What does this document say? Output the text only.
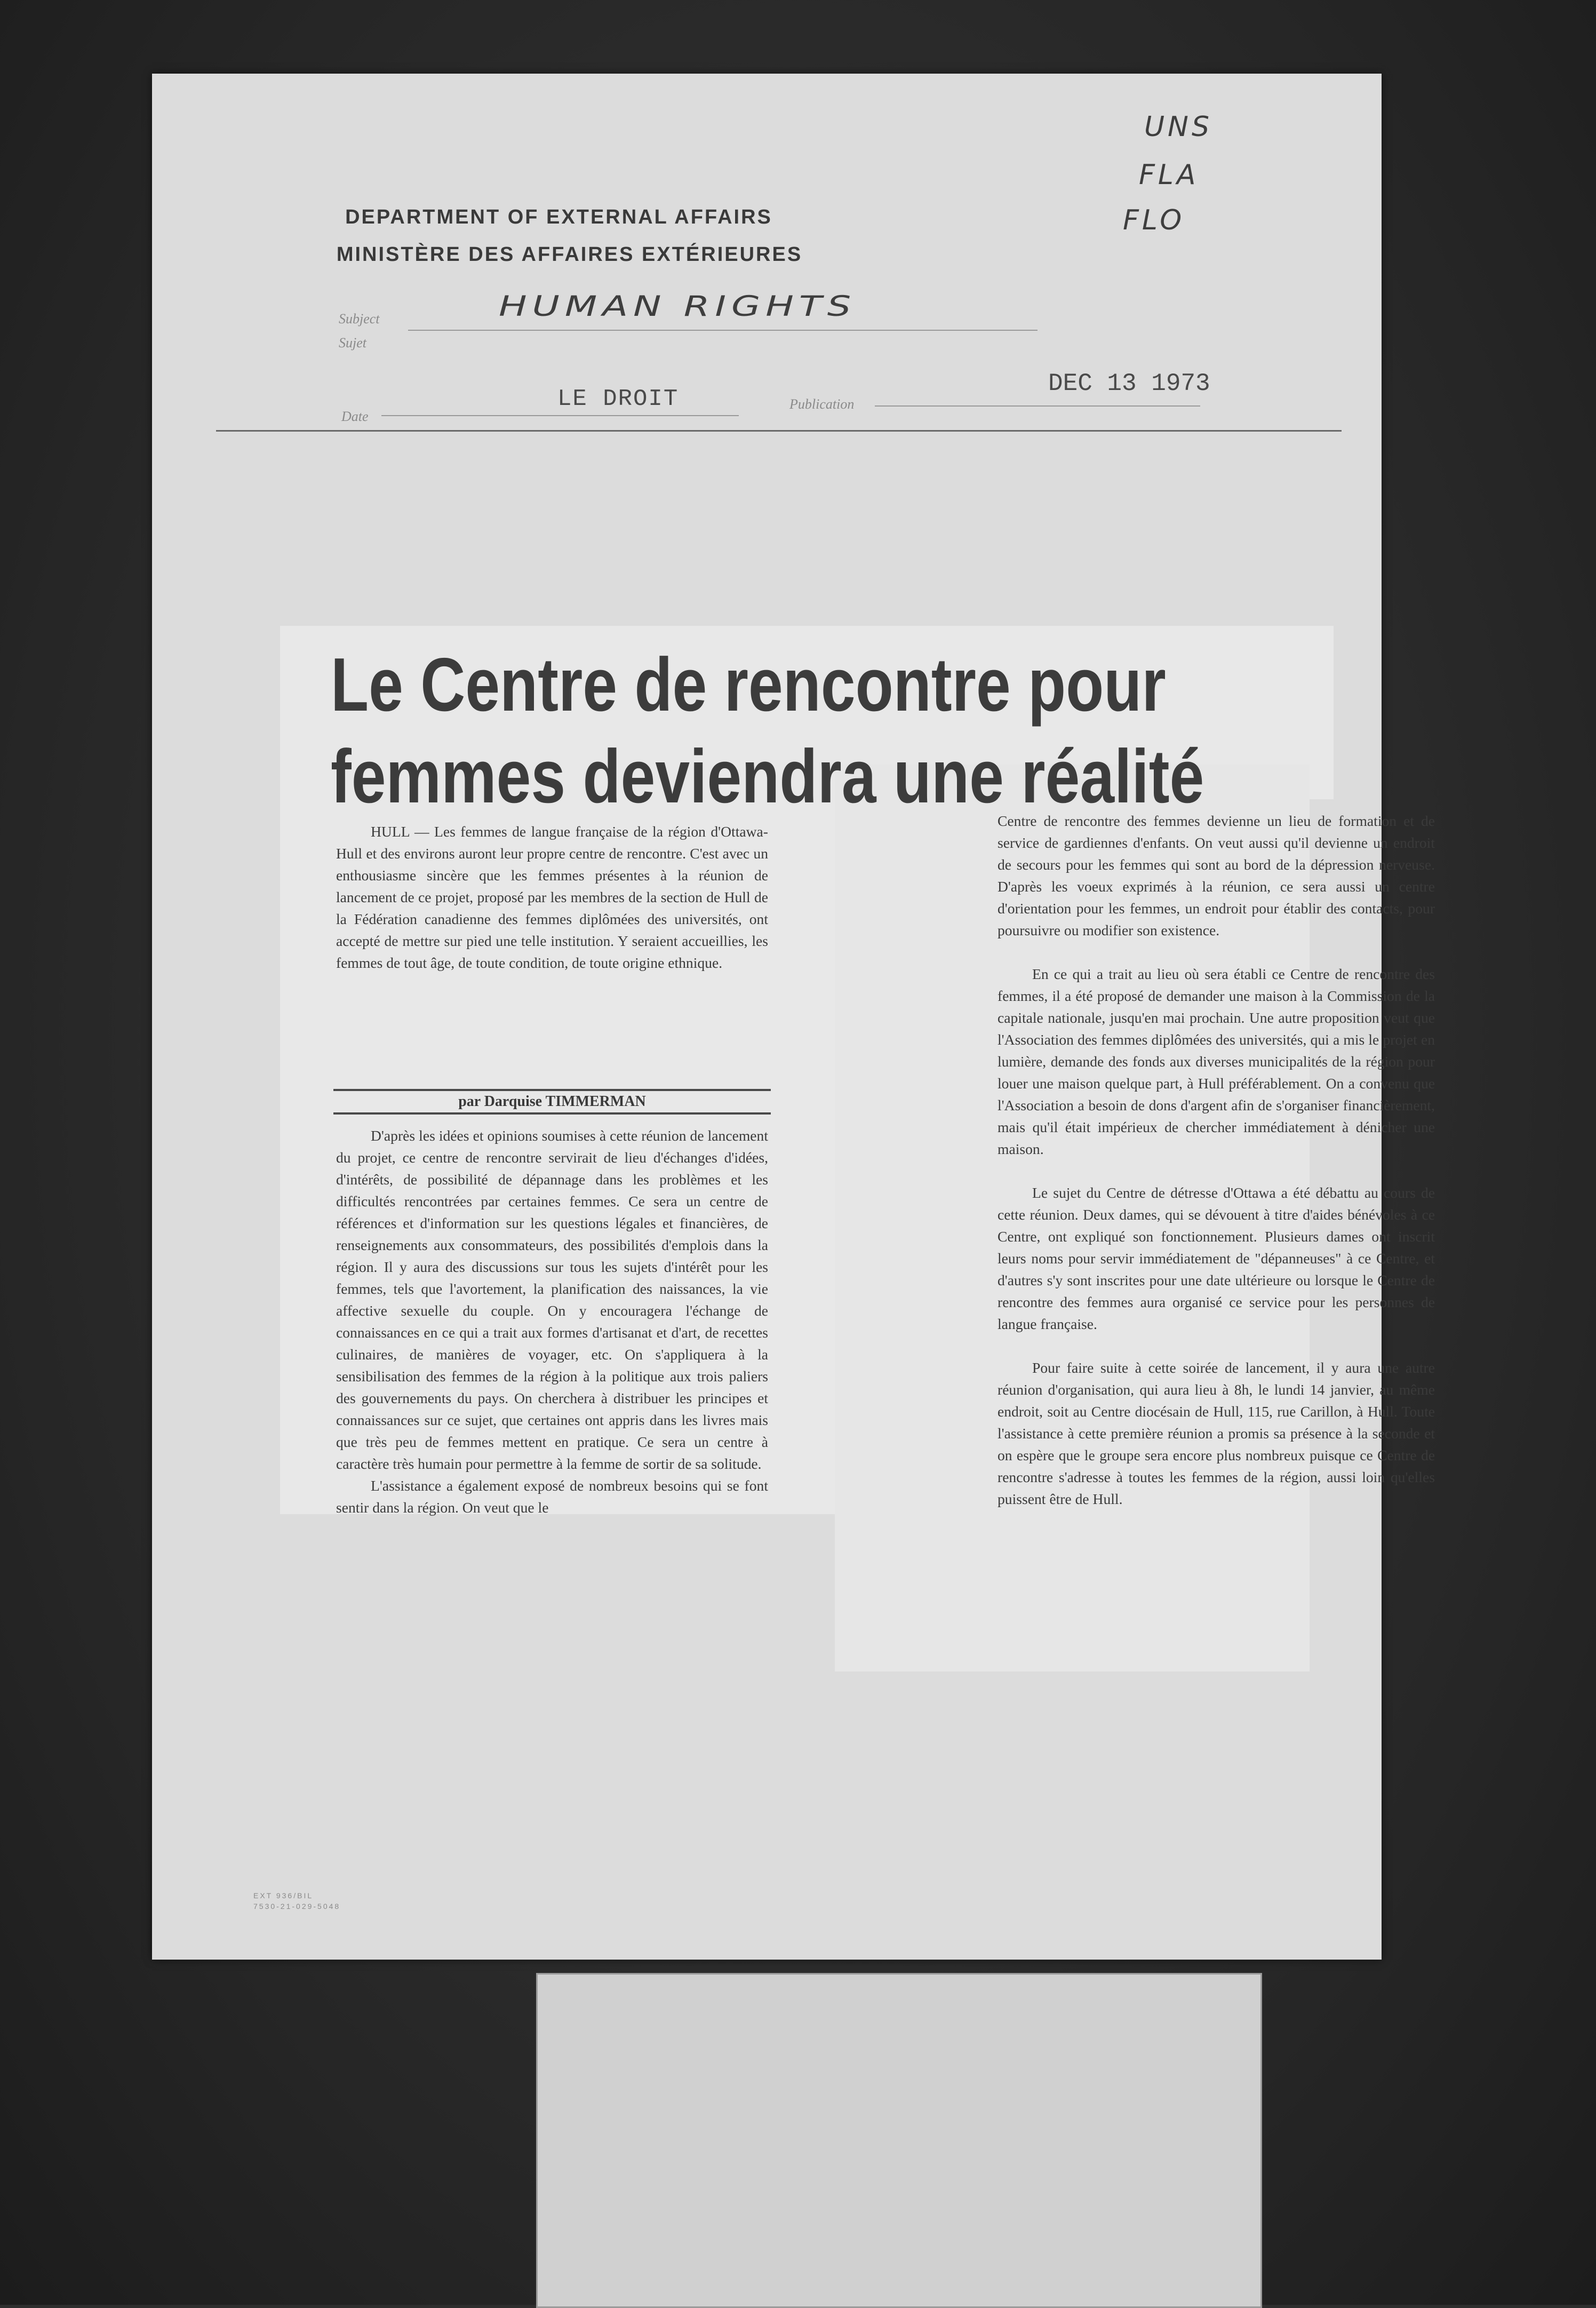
DEPARTMENT OF EXTERNAL AFFAIRS
MINISTÈRE DES AFFAIRES EXTÉRIEURES
UNS
FLA
FLO
Subject
Sujet
HUMAN RIGHTS
Date
LE DROIT	Publication
DEC 13 1973
Le Centre de rencontre pour
femmes deviendra une réalité

HULL — Les femmes de langue française de la région d'Ottawa-Hull et des environs auront leur propre centre de rencontre. C'est avec un enthousiasme sincère que les femmes présentes à la réunion de lancement de ce projet, proposé par les membres de la section de Hull de la Fédération canadienne des femmes diplômées des universités, ont accepté de mettre sur pied une telle institution. Y seraient accueillies, les femmes de tout âge, de toute condition, de toute origine ethnique.

par Darquise TIMMERMAN

D'après les idées et opinions soumises à cette réunion de lancement du projet, ce centre de rencontre servirait de lieu d'échanges d'idées, d'intérêts, de possibilité de dépannage dans les problèmes et les difficultés rencontrées par certaines femmes. Ce sera un centre de références et d'information sur les questions légales et financières, de renseignements aux consommateurs, des possibilités d'emplois dans la région. Il y aura des discussions sur tous les sujets d'intérêt pour les femmes, tels que l'avortement, la planification des naissances, la vie affective sexuelle du couple. On y encouragera l'échange de connaissances en ce qui a trait aux formes d'artisanat et d'art, de recettes culinaires, de manières de voyager, etc. On s'appliquera à la sensibilisation des femmes de la région à la politique aux trois paliers des gouvernements du pays. On cherchera à distribuer les principes et connaissances sur ce sujet, que certaines ont appris dans les livres mais que très peu de femmes mettent en pratique. Ce sera un centre à caractère très humain pour permettre à la femme de sortir de sa solitude.

L'assistance a également exposé de nombreux besoins qui se font sentir dans la région. On veut que le

Centre de rencontre des femmes devienne un lieu de formation et de service de gardiennes d'enfants. On veut aussi qu'il devienne un endroit de secours pour les femmes qui sont au bord de la dépression nerveuse. D'après les voeux exprimés à la réunion, ce sera aussi un centre d'orientation pour les femmes, un endroit pour établir des contacts, pour poursuivre ou modifier son existence.

En ce qui a trait au lieu où sera établi ce Centre de rencontre des femmes, il a été proposé de demander une maison à la Commission de la capitale nationale, jusqu'en mai prochain. Une autre proposition veut que l'Association des femmes diplômées des universités, qui a mis le projet en lumière, demande des fonds aux diverses municipalités de la région pour louer une maison quelque part, à Hull préférablement. On a convenu que l'Association a besoin de dons d'argent afin de s'organiser financièrement, mais qu'il était impérieux de chercher immédiatement à dénicher une maison.

Le sujet du Centre de détresse d'Ottawa a été débattu au cours de cette réunion. Deux dames, qui se dévouent à titre d'aides bénévoles à ce Centre, ont expliqué son fonctionnement. Plusieurs dames ont inscrit leurs noms pour servir immédiatement de "dépanneuses" à ce Centre, et d'autres s'y sont inscrites pour une date ultérieure ou lorsque le Centre de rencontre des femmes aura organisé ce service pour les personnes de langue française.

Pour faire suite à cette soirée de lancement, il y aura une autre réunion d'organisation, qui aura lieu à 8h, le lundi 14 janvier, au même endroit, soit au Centre diocésain de Hull, 115, rue Carillon, à Hull. Toute l'assistance à cette première réunion a promis sa présence à la seconde et on espère que le groupe sera encore plus nombreux puisque ce Centre de rencontre s'adresse à toutes les femmes de la région, aussi loin qu'elles puissent être de Hull.

EXT 936/BIL
7530-21-029-5048
